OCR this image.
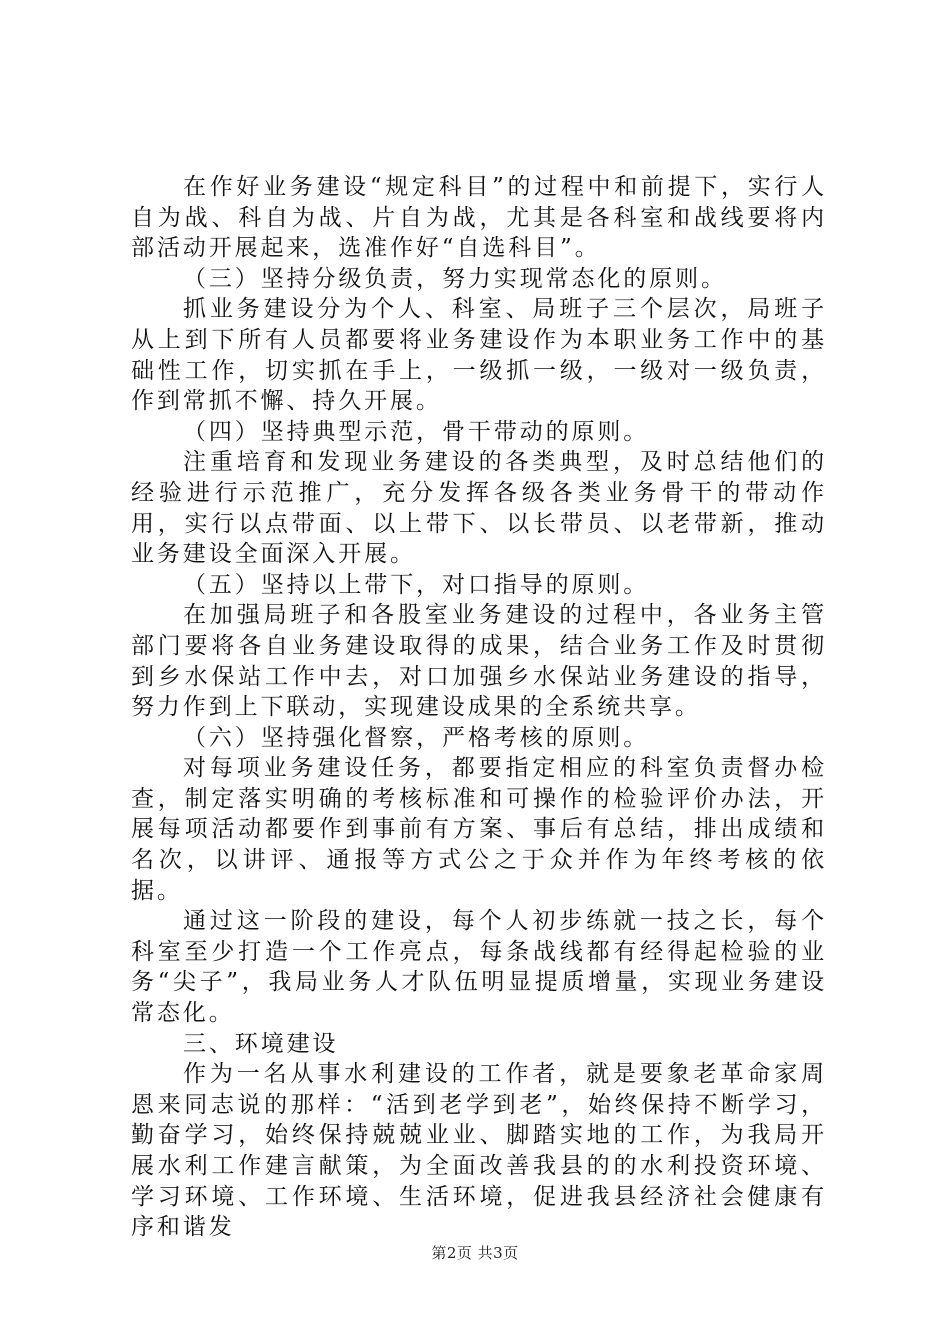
在作好业务建设“规定科目”的过程中和前提下，实行人自为战、科自为战、片自为战，尤其是各科室和战线要将内部活动开展起来，选准作好“自选科目”。

（三）坚持分级负责，努力实现常态化的原则。

抓业务建设分为个人、科室、局班子三个层次，局班子从上到下所有人员都要将业务建设作为本职业务工作中的基础性工作，切实抓在手上，一级抓一级，一级对一级负责，作到常抓不懈、持久开展。

（四）坚持典型示范，骨干带动的原则。

注重培育和发现业务建设的各类典型，及时总结他们的经验进行示范推广，充分发挥各级各类业务骨干的带动作用，实行以点带面、以上带下、以长带员、以老带新，推动业务建设全面深入开展。

（五）坚持以上带下，对口指导的原则。

在加强局班子和各股室业务建设的过程中，各业务主管部门要将各自业务建设取得的成果，结合业务工作及时贯彻到乡水保站工作中去，对口加强乡水保站业务建设的指导，努力作到上下联动，实现建设成果的全系统共享。

（六）坚持强化督察，严格考核的原则。

对每项业务建设任务，都要指定相应的科室负责督办检查，制定落实明确的考核标准和可操作的检验评价办法，开展每项活动都要作到事前有方案、事后有总结，排出成绩和名次，以讲评、通报等方式公之于众并作为年终考核的依据。

通过这一阶段的建设，每个人初步练就一技之长，每个科室至少打造一个工作亮点，每条战线都有经得起检验的业务“尖子”，我局业务人才队伍明显提质增量，实现业务建设常态化。

三、环境建设

作为一名从事水利建设的工作者，就是要象老革命家周恩来同志说的那样：“活到老学到老”，始终保持不断学习，勤奋学习，始终保持兢兢业业、脚踏实地的工作，为我局开展水利工作建言献策，为全面改善我县的的水利投资环境、学习环境、工作环境、生活环境，促进我县经济社会健康有序和谐发

第2页 共3页
